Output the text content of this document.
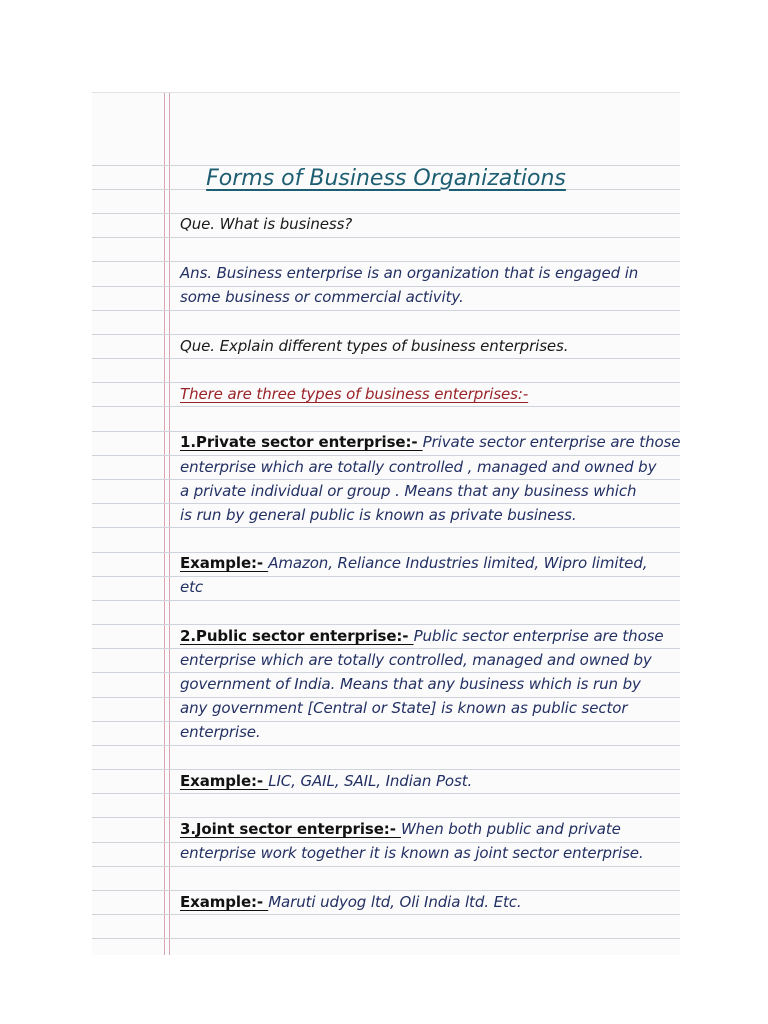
Forms of Business Organizations
Que. What is business?
Ans. Business enterprise is an organization that is engaged in
some business or commercial activity.
Que. Explain different types of business enterprises.
There are three types of business enterprises:-
1.Private sector enterprise:- Private sector enterprise are those
enterprise which are totally controlled , managed and owned by
a private individual or group . Means that any business which
is run by general public is known as private business.
Example:- Amazon, Reliance Industries limited, Wipro limited,
etc
2.Public sector enterprise:- Public sector enterprise are those
enterprise which are totally controlled, managed and owned by
government of India. Means that any business which is run by
any government [Central or State] is known as public sector
enterprise.
Example:- LIC, GAIL, SAIL, Indian Post.
3.Joint sector enterprise:- When both public and private
enterprise work together it is known as joint sector enterprise.
Example:- Maruti udyog ltd, Oli India ltd. Etc.
